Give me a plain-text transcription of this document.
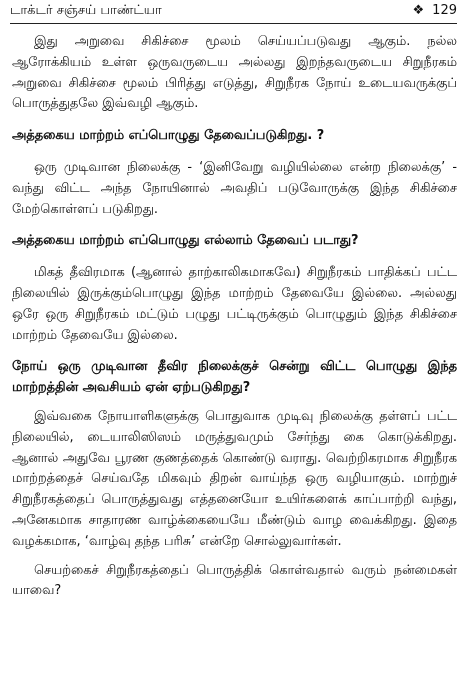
டாக்டர் சஞ்சய் பாண்ட்யா	❖ 129

இது அறுவை சிகிச்சை மூலம் செய்யப்படுவது ஆகும். நல்ல ஆரோக்கியம் உள்ள ஒருவருடைய அல்லது இறந்தவருடைய சிறுநீரகம் அறுவை சிகிச்சை மூலம் பிரித்து எடுத்து, சிறுநீரக நோய் உடையவருக்குப் பொருத்துதலே இவ்வழி ஆகும்.

அத்தகைய மாற்றம் எப்பொழுது தேவைப்படுகிறது. ?

ஒரு முடிவான நிலைக்கு - ‘இனிவேறு வழியில்லை என்ற நிலைக்கு’ - வந்து விட்ட அந்த நோயினால் அவதிப் படுவோருக்கு இந்த சிகிச்சை மேற்கொள்ளப் படுகிறது.

அத்தகைய மாற்றம் எப்பொழுது எல்லாம் தேவைப் படாது?

மிகத் தீவிரமாக (ஆனால் தாற்காலிகமாகவே) சிறுநீரகம் பாதிக்கப் பட்ட நிலையில் இருக்கும்பொழுது இந்த மாற்றம் தேவையே இல்லை. அல்லது ஒரே ஒரு சிறுநீரகம் மட்டும் பழுது பட்டிருக்கும் பொழுதும் இந்த சிகிச்சை மாற்றம் தேவையே இல்லை.

நோய் ஒரு முடிவான தீவிர நிலைக்குச் சென்று விட்ட பொழுது இந்த மாற்றத்தின் அவசியம் ஏன் ஏற்படுகிறது?

இவ்வகை நோயாளிகளுக்கு பொதுவாக முடிவு நிலைக்கு தள்ளப் பட்ட நிலையில், டையாலிஸிஸம் மருத்துவமும் சேர்ந்து கை கொடுக்கிறது. ஆனால் அதுவே பூரண குணத்தைக் கொண்டு வராது. வெற்றிகரமாக சிறுநீரக மாற்றத்தைச் செய்வதே மிகவும் திறன் வாய்ந்த ஒரு வழியாகும். மாற்றுச் சிறுநீரகத்தைப் பொருத்துவது எத்தனையோ உயிர்களைக் காப்பாற்றி வந்து, அனேகமாக சாதாரண வாழ்க்கையையே மீண்டும் வாழ வைக்கிறது. இதை வழக்கமாக, ‘வாழ்வு தந்த பரிசு’ என்றே சொல்லுவார்கள்.

செயற்கைச் சிறுநீரகத்தைப் பொருத்திக் கொள்வதால் வரும் நன்மைகள் யாவை?
